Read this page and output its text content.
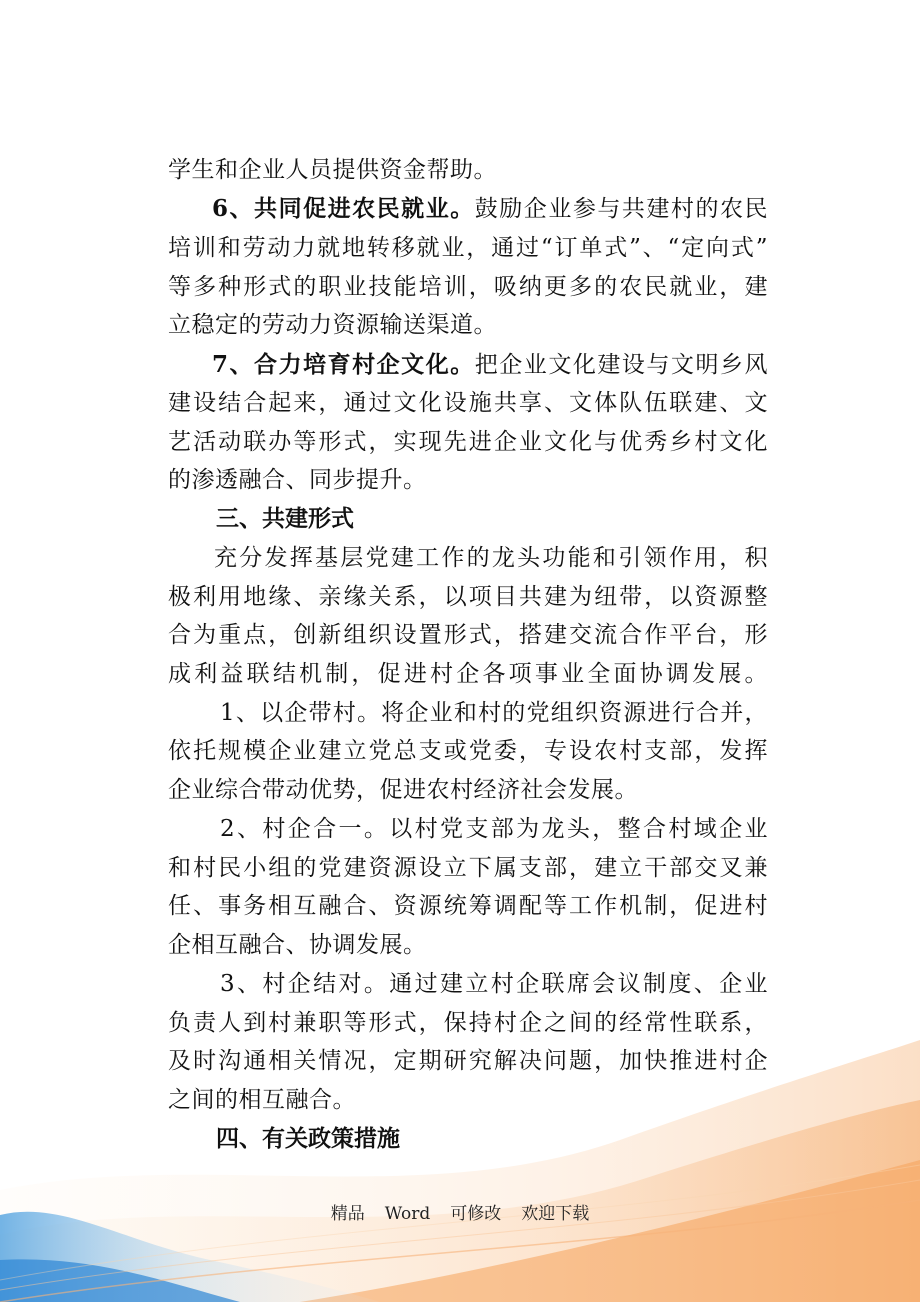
学生和企业人员提供资金帮助。
6、共同促进农民就业。鼓励企业参与共建村的农民
培训和劳动力就地转移就业，通过“订单式”、“定向式”
等多种形式的职业技能培训，吸纳更多的农民就业，建
立稳定的劳动力资源输送渠道。
7、合力培育村企文化。把企业文化建设与文明乡风
建设结合起来，通过文化设施共享、文体队伍联建、文
艺活动联办等形式，实现先进企业文化与优秀乡村文化
的渗透融合、同步提升。
三、共建形式
充分发挥基层党建工作的龙头功能和引领作用，积
极利用地缘、亲缘关系，以项目共建为纽带，以资源整
合为重点，创新组织设置形式，搭建交流合作平台，形
成利益联结机制，促进村企各项事业全面协调发展。
1、以企带村。将企业和村的党组织资源进行合并，
依托规模企业建立党总支或党委，专设农村支部，发挥
企业综合带动优势，促进农村经济社会发展。
2、村企合一。以村党支部为龙头，整合村域企业
和村民小组的党建资源设立下属支部，建立干部交叉兼
任、事务相互融合、资源统筹调配等工作机制，促进村
企相互融合、协调发展。
3、村企结对。通过建立村企联席会议制度、企业
负责人到村兼职等形式，保持村企之间的经常性联系，
及时沟通相关情况，定期研究解决问题，加快推进村企
之间的相互融合。
四、有关政策措施
精品 Word 可修改 欢迎下载
